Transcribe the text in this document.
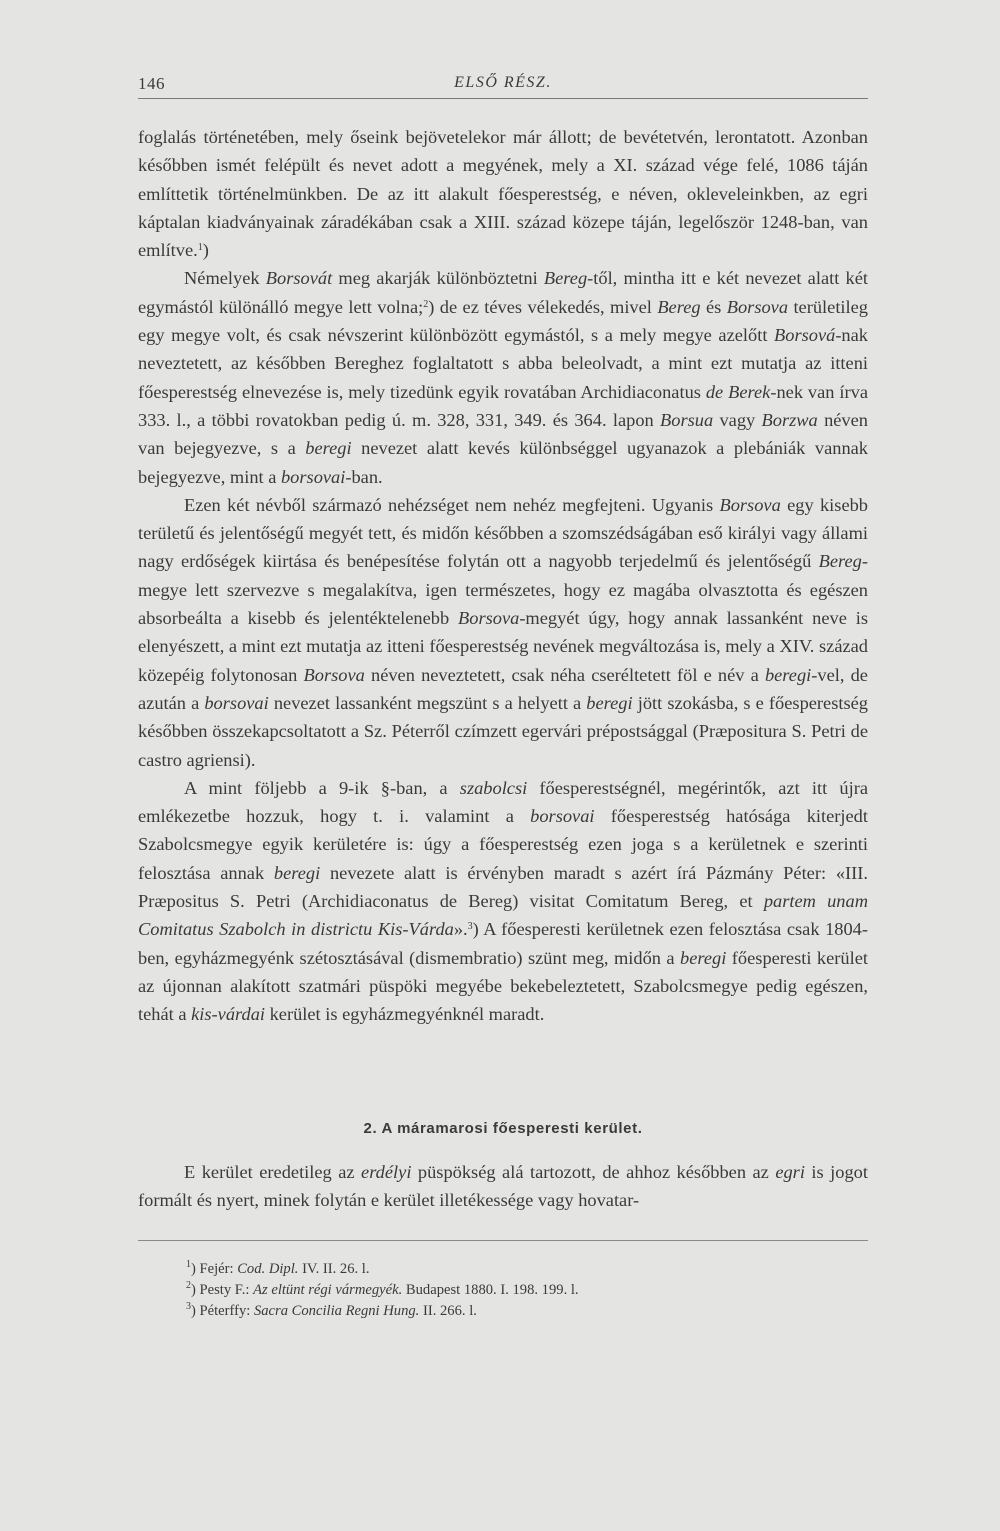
146	ELSŐ RÉSZ.

foglalás történetében, mely őseink bejövetelekor már állott; de bevétetvén, lerontatott. Azonban későbben ismét felépült és nevet adott a megyének, mely a XI. század vége felé, 1086 táján említtetik történelmünkben. De az itt alakult főesperestség, e néven, okleveleinkben, az egri káptalan kiadványainak záradékában csak a XIII. század közepe táján, legelőször 1248-ban, van említve.$^1$)

Némelyek Borsovát meg akarják különböztetni Bereg-től, mintha itt e két nevezet alatt két egymástól különálló megye lett volna;$^2$) de ez téves vélekedés, mivel Bereg és Borsova területileg egy megye volt, és csak névszerint különbözött egymástól, s a mely megye azelőtt Borsová-nak neveztetett, az későbben Bereghez foglaltatott s abba beleolvadt, a mint ezt mutatja az itteni főesperestség elnevezése is, mely tizedünk egyik rovatában Archidiaconatus de Berek-nek van írva 333. l., a többi rovatokban pedig ú. m. 328, 331, 349. és 364. lapon Borsua vagy Borzwa néven van bejegyezve, s a beregi nevezet alatt kevés különbséggel ugyanazok a plebániák vannak bejegyezve, mint a borsovai-ban.

Ezen két névből származó nehézséget nem nehéz megfejteni. Ugyanis Borsova egy kisebb területű és jelentőségű megyét tett, és midőn későbben a szomszédságában eső királyi vagy állami nagy erdőségek kiirtása és benépesítése folytán ott a nagyobb terjedelmű és jelentőségű Bereg-megye lett szervezve s megalakítva, igen természetes, hogy ez magába olvasztotta és egészen absorbeálta a kisebb és jelentéktelenebb Borsova-megyét úgy, hogy annak lassanként neve is elenyészett, a mint ezt mutatja az itteni főesperestség nevének megváltozása is, mely a XIV. század közepéig folytonosan Borsova néven neveztetett, csak néha cseréltetett föl e név a beregi-vel, de azután a borsovai nevezet lassanként megszünt s a helyett a beregi jött szokásba, s e főesperestség későbben összekapcsoltatott a Sz. Péterről czímzett egervári prépostsággal (Præpositura S. Petri de castro agriensi).

A mint följebb a 9-ik §-ban, a szabolcsi főesperestségnél, megérintők, azt itt újra emlékezetbe hozzuk, hogy t. i. valamint a borsovai főesperestség hatósága kiterjedt Szabolcsmegye egyik kerületére is: úgy a főesperestség ezen joga s a kerületnek e szerinti felosztása annak beregi nevezete alatt is érvényben maradt s azért írá Pázmány Péter: «III. Præpositus S. Petri (Archidiaconatus de Bereg) visitat Comitatum Bereg, et partem unam Comitatus Szabolch in districtu Kis-Várda».$^3$) A főesperesti kerületnek ezen felosztása csak 1804-ben, egyházmegyénk szétosztásával (dismembratio) szünt meg, midőn a beregi főesperesti kerület az újonnan alakított szatmári püspöki megyébe bekebeleztetett, Szabolcsmegye pedig egészen, tehát a kis-várdai kerület is egyházmegyénknél maradt.

2. A máramarosi főesperesti kerület.

E kerület eredetileg az erdélyi püspökség alá tartozott, de ahhoz későbben az egri is jogot formált és nyert, minek folytán e kerület illetékessége vagy hovatar-

$^1$) Fejér: Cod. Dipl. IV. II. 26. l.
$^2$) Pesty F.: Az eltünt régi vármegyék. Budapest 1880. I. 198. 199. l.
$^3$) Péterffy: Sacra Concilia Regni Hung. II. 266. l.
